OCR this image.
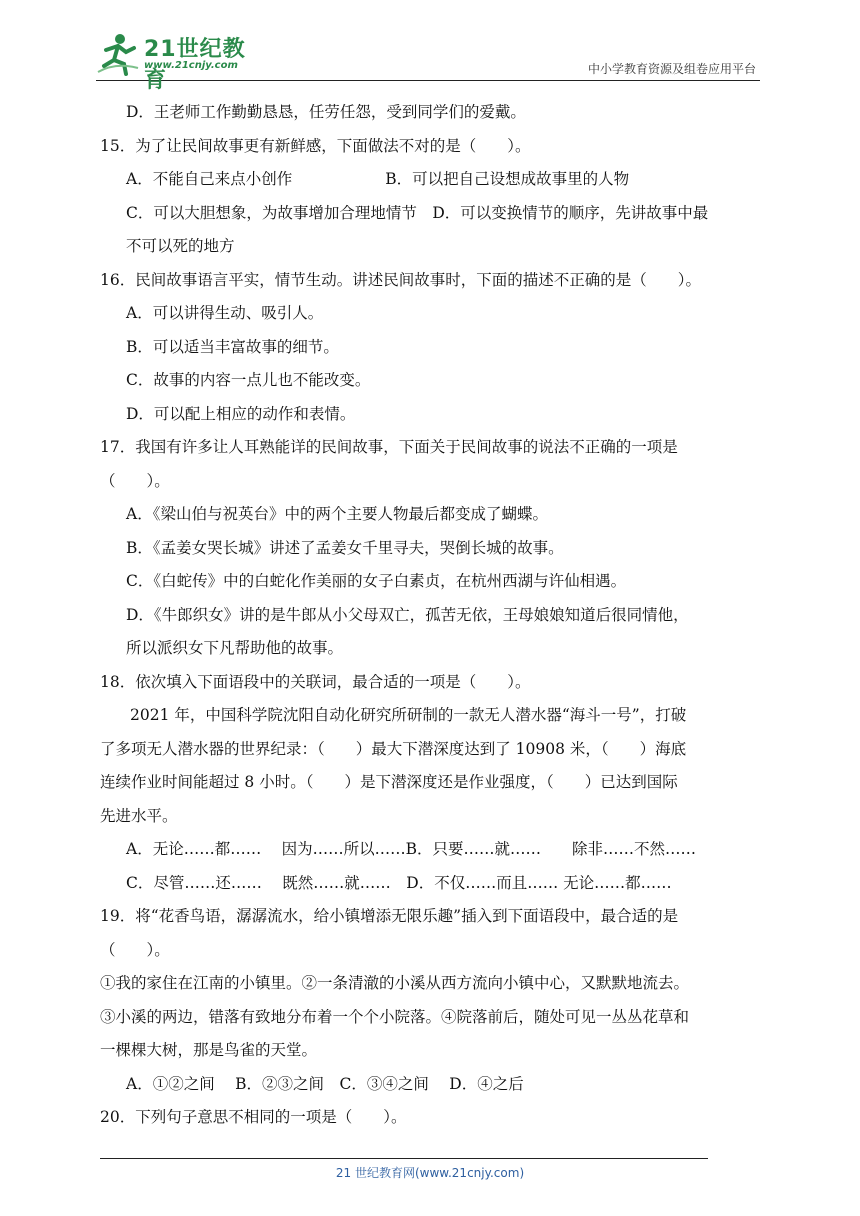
21世纪教育
www.21cnjy.com	中小学教育资源及组卷应用平台
D．王老师工作勤勤恳恳，任劳任怨，受到同学们的爱戴。
15．为了让民间故事更有新鲜感，下面做法不对的是（　　）。
A．不能自己来点小创作　　　　　　B．可以把自己设想成故事里的人物
C．可以大胆想象，为故事增加合理地情节　D．可以变换情节的顺序，先讲故事中最
不可以死的地方
16．民间故事语言平实，情节生动。讲述民间故事时，下面的描述不正确的是（　　）。
A．可以讲得生动、吸引人。
B．可以适当丰富故事的细节。
C．故事的内容一点儿也不能改变。
D．可以配上相应的动作和表情。
17．我国有许多让人耳熟能详的民间故事，下面关于民间故事的说法不正确的一项是
（　　）。
A．《梁山伯与祝英台》中的两个主要人物最后都变成了蝴蝶。
B．《孟姜女哭长城》讲述了孟姜女千里寻夫，哭倒长城的故事。
C．《白蛇传》中的白蛇化作美丽的女子白素贞，在杭州西湖与许仙相遇。
D．《牛郎织女》讲的是牛郎从小父母双亡，孤苦无依，王母娘娘知道后很同情他，
所以派织女下凡帮助他的故事。
18．依次填入下面语段中的关联词，最合适的一项是（　　）。
2021 年，中国科学院沈阳自动化研究所研制的一款无人潜水器“海斗一号”，打破
了多项无人潜水器的世界纪录：（　　）最大下潜深度达到了 10908 米，（　　）海底
连续作业时间能超过 8 小时。（　　）是下潜深度还是作业强度，（　　）已达到国际
先进水平。
A．无论……都……　 因为……所以……B．只要……就……　　除非……不然……
C．尽管……还……　 既然……就……　D．不仅……而且…… 无论……都……
19．将“花香鸟语，潺潺流水，给小镇增添无限乐趣”插入到下面语段中，最合适的是
（　　）。
①我的家住在江南的小镇里。②一条清澈的小溪从西方流向小镇中心，又默默地流去。
③小溪的两边，错落有致地分布着一个个小院落。④院落前后，随处可见一丛丛花草和
一棵棵大树，那是鸟雀的天堂。
A．①②之间　 B．②③之间　C．③④之间　 D．④之后
20．下列句子意思不相同的一项是（　　）。
21 世纪教育网(www.21cnjy.com)
